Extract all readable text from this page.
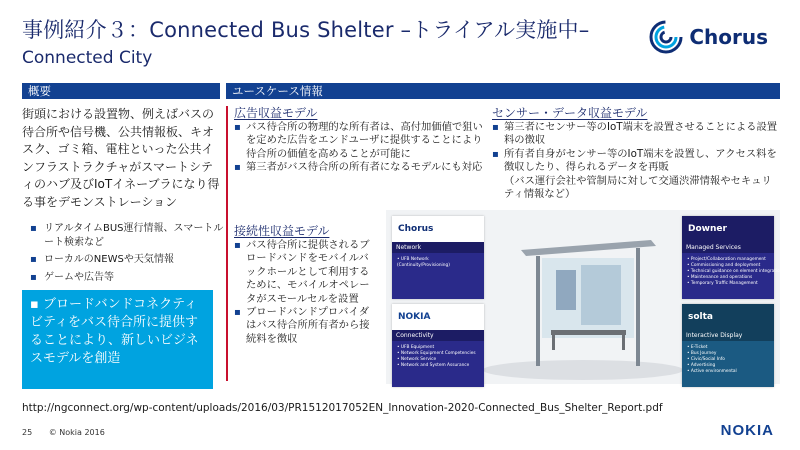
事例紹介３：Connected Bus Shelter –トライアル実施中–
Connected City
Chorus
概要	ユースケース情報
街頭における設置物、例えばバスの待合所や信号機、公共情報板、キオスク、ゴミ箱、電柱といった公共インフラストラクチャがスマートシティのハブ及びIoTイネーブラになり得る事をデモンストレーション
▪ リアルタイムBUS運行情報、スマートルート検索など
▪ ローカルのNEWSや天気情報
▪ ゲームや広告等
▪ ブロードバンドコネクティビティをバス待合所に提供することにより、新しいビジネスモデルを創造
広告収益モデル
▪ バス待合所の物理的な所有者は、高付加価値で狙いを定めた広告をエンドユーザに提供することにより待合所の価値を高めることが可能に
▪ 第三者がバス待合所の所有者になるモデルにも対応
センサー・データ収益モデル
▪ 第三者にセンサー等のIoT端末を設置させることによる設置料の徴収
▪ 所有者自身がセンサー等のIoT端末を設置し、アクセス料を徴収したり、得られるデータを再販
（バス運行会社や管制局に対して交通渋滞情報やセキュリティ情報など）
接続性収益モデル
▪ バス待合所に提供されるブロードバンドをモバイルバックホールとして利用するために、モバイルオペレータがスモールセルを設置
▪ ブロードバンドプロバイダはバス待合所所有者から接続料を徴収
Chorus
Network
• UFB Network
(Continuity/Provisioning)
NOKIA
Connectivity
• UFB Equipment
• Network Equipment Competencies
• Network Service
• Network and System Assurance
Downer
Managed Services
• Project/Collaboration management
• Commissioning and deployment
• Technical guidance on element integration
• Maintenance and operations
• Temporary Traffic Management
solta
Interactive Display
• E-Ticket
• Bus Journey
• Civic/Social Info
• Advertising
• Active environmental
http://ngconnect.org/wp-content/uploads/2016/03/PR1512017052EN_Innovation-2020-Connected_Bus_Shelter_Report.pdf
25 © Nokia 2016	NOKIA
